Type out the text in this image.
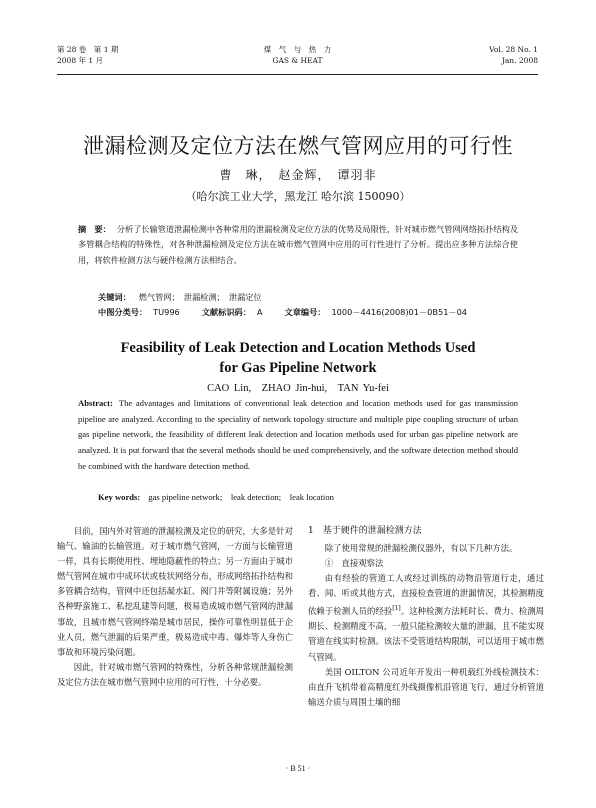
第 28 卷　第 1 期
2008 年 1 月
煤　气　与　热　力
GAS & HEAT
Vol. 28 No. 1
Jan. 2008
泄漏检测及定位方法在燃气管网应用的可行性
曹　琳，　赵金辉，　谭羽非
（哈尔滨工业大学，黑龙江 哈尔滨 150090）
摘　要： 分析了长输管道泄漏检测中各种常用的泄漏检测及定位方法的优势及局限性，针对城市燃气管网网络拓扑结构及多管耦合结构的特殊性，对各种泄漏检测及定位方法在城市燃气管网中应用的可行性进行了分析。提出应多种方法综合使用，将软件检测方法与硬件检测方法相结合。
关键词： 燃气管网；　泄漏检测；　泄漏定位
中图分类号： TU996	文献标识码： A	文章编号： 1000－4416(2008)01－0B51－04
Feasibility of Leak Detection and Location Methods Used
for Gas Pipeline Network
CAO Lin,　ZHAO Jin-hui,　TAN Yu-fei
Abstract: The advantages and limitations of conventional leak detection and location methods used for gas transmission pipeline are analyzed. According to the speciality of network topology structure and multiple pipe coupling structure of urban gas pipeline network, the feasibility of different leak detection and location methods used for urban gas pipeline network are analyzed. It is put forward that the several methods should be used comprehensively, and the software detection method should be combined with the hardware detection method.
Key words: gas pipeline network;　leak detection;　leak location

目前，国内外对管道的泄漏检测及定位的研究，大多是针对输气、输油的长输管道。对于城市燃气管网，一方面与长输管道一样，具有长期使用性、埋地隐蔽性的特点；另一方面由于城市燃气管网在城市中成环状或枝状网络分布，形成网络拓扑结构和多管耦合结构，管网中还包括凝水缸、阀门井等附属设施；另外各种野蛮施工、私挖乱建等问题，极易造成城市燃气管网的泄漏事故，且城市燃气管网终端是城市居民，操作可靠性明显低于企业人员，燃气泄漏的后果严重，极易造成中毒、爆炸等人身伤亡事故和环境污染问题。

因此，针对城市燃气管网的特殊性，分析各种常规泄漏检测及定位方法在城市燃气管网中应用的可行性，十分必要。

1　基于硬件的泄漏检测方法

除了使用常规的泄漏检测仪器外，有以下几种方法。

①　直接观察法

由有经验的管道工人或经过训练的动物沿管道行走，通过看、闻、听或其他方式，直接检查管道的泄漏情况，其检测精度依赖于检测人员的经验[1]。这种检测方法耗时长、费力、检测周期长、检测精度不高，一般只能检测较大量的泄漏，且不能实现管道在线实时检测。该法不受管道结构限制，可以适用于城市燃气管网。

美国 OILTON 公司近年开发出一种机载红外线检测技术：由直升飞机带着高精度红外线摄像机沿管道飞行，通过分析管道输送介质与周围土壤的细

· B 51 ·
